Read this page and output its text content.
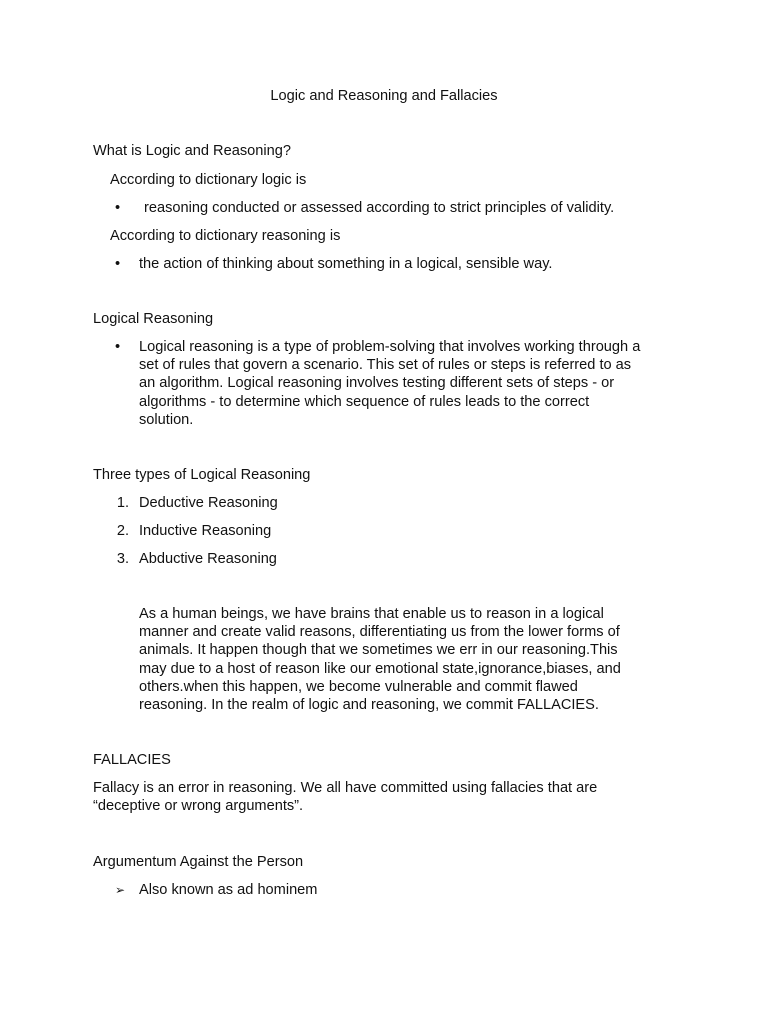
Logic and Reasoning and Fallacies
What is Logic and Reasoning?
According to dictionary logic is
• reasoning conducted or assessed according to strict principles of validity.
According to dictionary reasoning is
• the action of thinking about something in a logical, sensible way.
Logical Reasoning
• Logical reasoning is a type of problem-solving that involves working through a
set of rules that govern a scenario. This set of rules or steps is referred to as
an algorithm. Logical reasoning involves testing different sets of steps - or
algorithms - to determine which sequence of rules leads to the correct
solution.
Three types of Logical Reasoning
1. Deductive Reasoning
2. Inductive Reasoning
3. Abductive Reasoning
As a human beings, we have brains that enable us to reason in a logical
manner and create valid reasons, differentiating us from the lower forms of
animals. It happen though that we sometimes we err in our reasoning.This
may due to a host of reason like our emotional state,ignorance,biases, and
others.when this happen, we become vulnerable and commit flawed
reasoning. In the realm of logic and reasoning, we commit FALLACIES.
FALLACIES
Fallacy is an error in reasoning. We all have committed using fallacies that are
“deceptive or wrong arguments”.
Argumentum Against the Person
➢ Also known as ad hominem
